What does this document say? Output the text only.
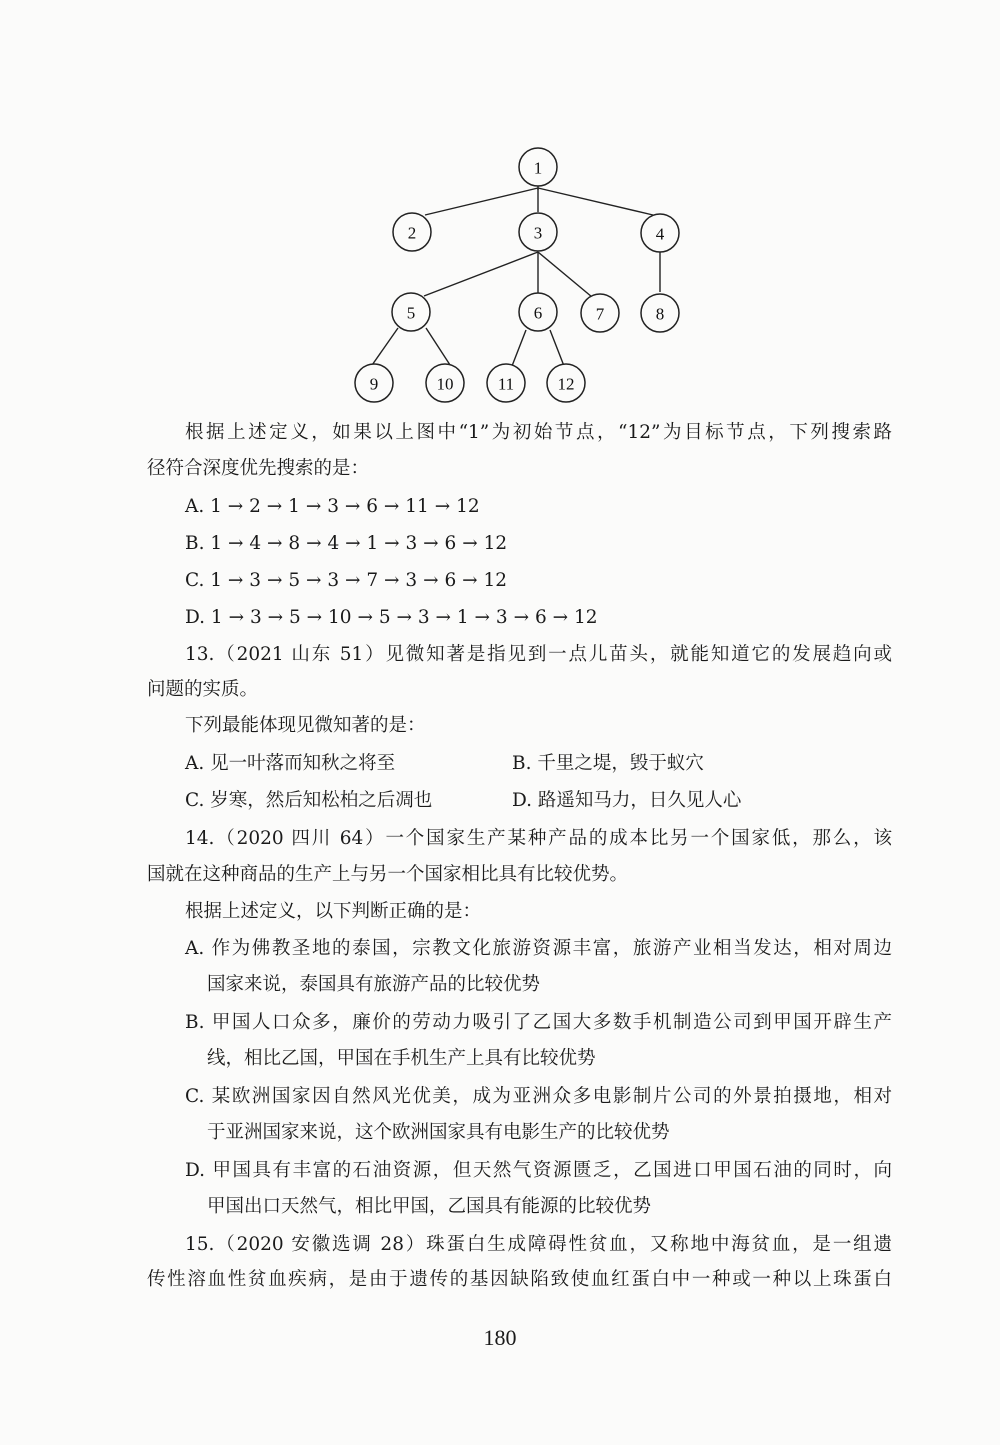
1
2	3	4
5	6	7	8
9	10	11	12
根据上述定义，如果以上图中“1”为初始节点，“12”为目标节点，下列搜索路
径符合深度优先搜索的是：
A. 1 → 2 → 1 → 3 → 6 → 11 → 12
B. 1 → 4 → 8 → 4 → 1 → 3 → 6 → 12
C. 1 → 3 → 5 → 3 → 7 → 3 → 6 → 12
D. 1 → 3 → 5 → 10 → 5 → 3 → 1 → 3 → 6 → 12
13.（2021 山东 51）见微知著是指见到一点儿苗头，就能知道它的发展趋向或
问题的实质。
下列最能体现见微知著的是：
A. 见一叶落而知秋之将至	B. 千里之堤，毁于蚁穴
C. 岁寒，然后知松柏之后凋也	D. 路遥知马力，日久见人心
14.（2020 四川 64）一个国家生产某种产品的成本比另一个国家低，那么，该
国就在这种商品的生产上与另一个国家相比具有比较优势。
根据上述定义，以下判断正确的是：
A. 作为佛教圣地的泰国，宗教文化旅游资源丰富，旅游产业相当发达，相对周边
国家来说，泰国具有旅游产品的比较优势
B. 甲国人口众多，廉价的劳动力吸引了乙国大多数手机制造公司到甲国开辟生产
线，相比乙国，甲国在手机生产上具有比较优势
C. 某欧洲国家因自然风光优美，成为亚洲众多电影制片公司的外景拍摄地，相对
于亚洲国家来说，这个欧洲国家具有电影生产的比较优势
D. 甲国具有丰富的石油资源，但天然气资源匮乏，乙国进口甲国石油的同时，向
甲国出口天然气，相比甲国，乙国具有能源的比较优势
15.（2020 安徽选调 28）珠蛋白生成障碍性贫血，又称地中海贫血，是一组遗
传性溶血性贫血疾病，是由于遗传的基因缺陷致使血红蛋白中一种或一种以上珠蛋白
180
